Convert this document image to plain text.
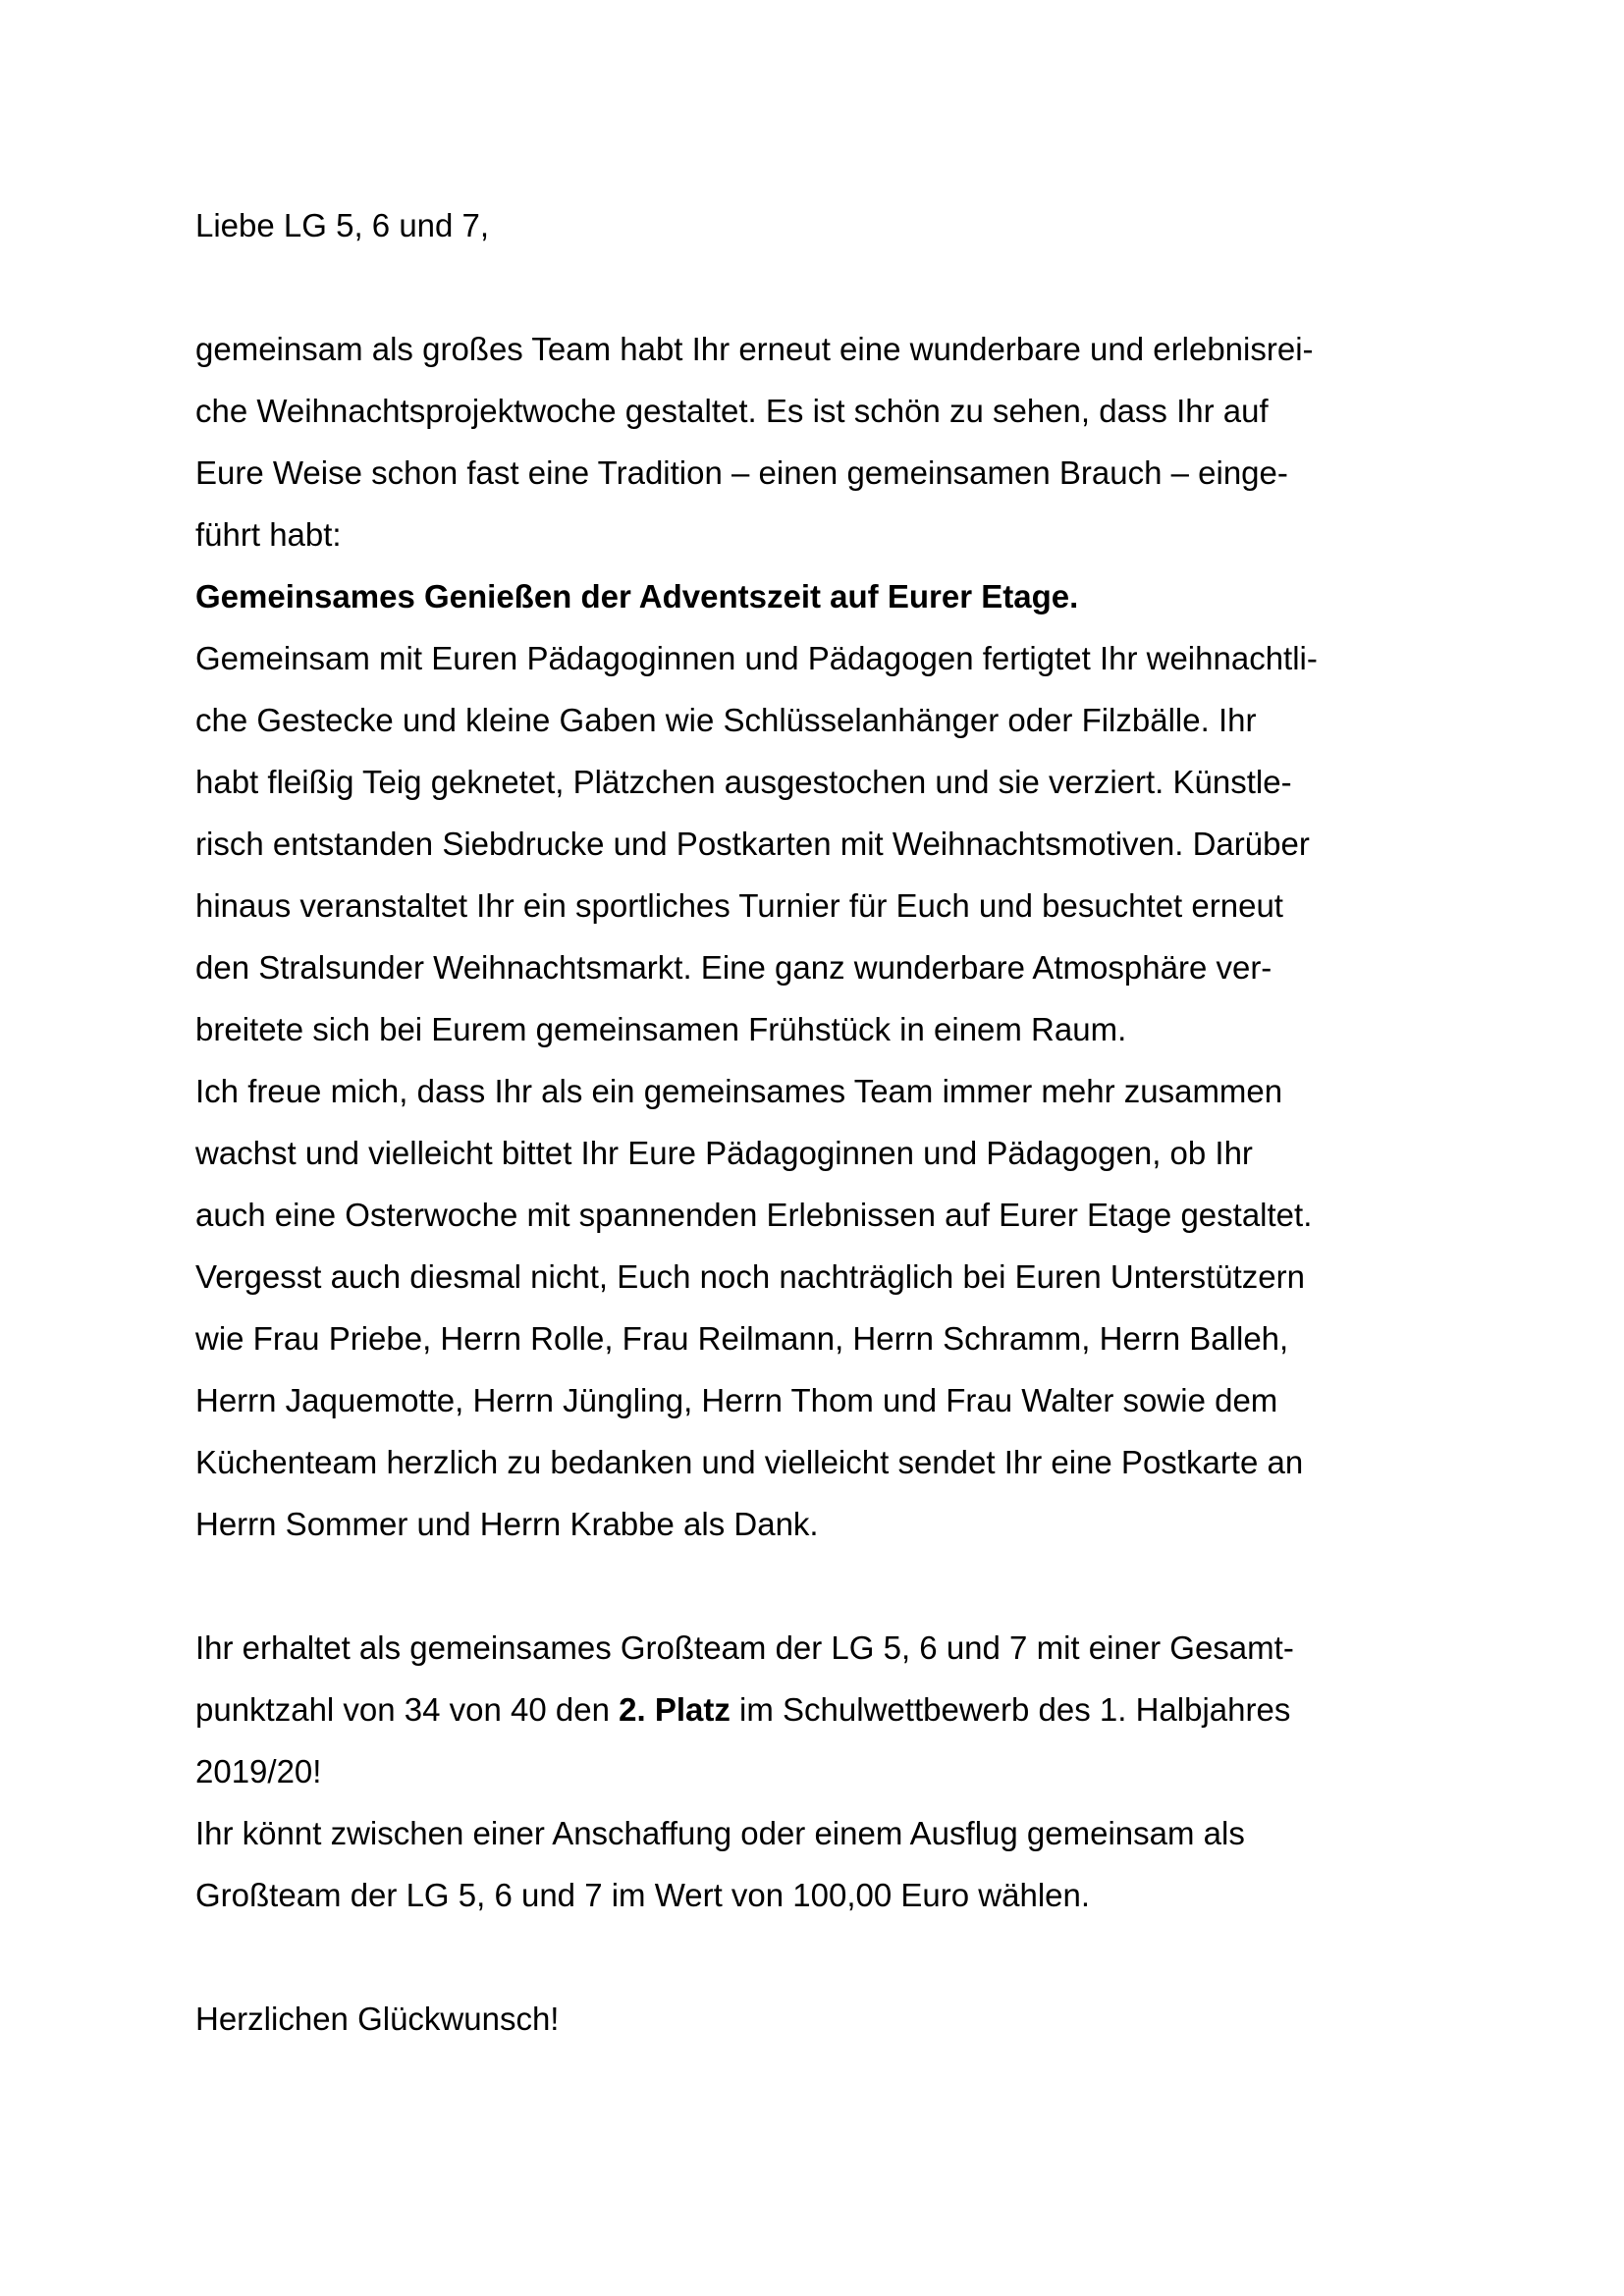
Liebe LG 5, 6 und 7,
gemeinsam als großes Team habt Ihr erneut eine wunderbare und erlebnisrei-
che Weihnachtsprojektwoche gestaltet. Es ist schön zu sehen, dass Ihr auf
Eure Weise schon fast eine Tradition – einen gemeinsamen Brauch – einge-
führt habt:
Gemeinsames Genießen der Adventszeit auf Eurer Etage.
Gemeinsam mit Euren Pädagoginnen und Pädagogen fertigtet Ihr weihnachtli-
che Gestecke und kleine Gaben wie Schlüsselanhänger oder Filzbälle. Ihr
habt fleißig Teig geknetet, Plätzchen ausgestochen und sie verziert. Künstle-
risch entstanden Siebdrucke und Postkarten mit Weihnachtsmotiven. Darüber
hinaus veranstaltet Ihr ein sportliches Turnier für Euch und besuchtet erneut
den Stralsunder Weihnachtsmarkt. Eine ganz wunderbare Atmosphäre ver-
breitete sich bei Eurem gemeinsamen Frühstück in einem Raum.
Ich freue mich, dass Ihr als ein gemeinsames Team immer mehr zusammen
wachst und vielleicht bittet Ihr Eure Pädagoginnen und Pädagogen, ob Ihr
auch eine Osterwoche mit spannenden Erlebnissen auf Eurer Etage gestaltet.
Vergesst auch diesmal nicht, Euch noch nachträglich bei Euren Unterstützern
wie Frau Priebe, Herrn Rolle, Frau Reilmann, Herrn Schramm, Herrn Balleh,
Herrn Jaquemotte, Herrn Jüngling, Herrn Thom und Frau Walter sowie dem
Küchenteam herzlich zu bedanken und vielleicht sendet Ihr eine Postkarte an
Herrn Sommer und Herrn Krabbe als Dank.
Ihr erhaltet als gemeinsames Großteam der LG 5, 6 und 7 mit einer Gesamt-
punktzahl von 34 von 40 den 2. Platz im Schulwettbewerb des 1. Halbjahres
2019/20!
Ihr könnt zwischen einer Anschaffung oder einem Ausflug gemeinsam als
Großteam der LG 5, 6 und 7 im Wert von 100,00 Euro wählen.
Herzlichen Glückwunsch!
